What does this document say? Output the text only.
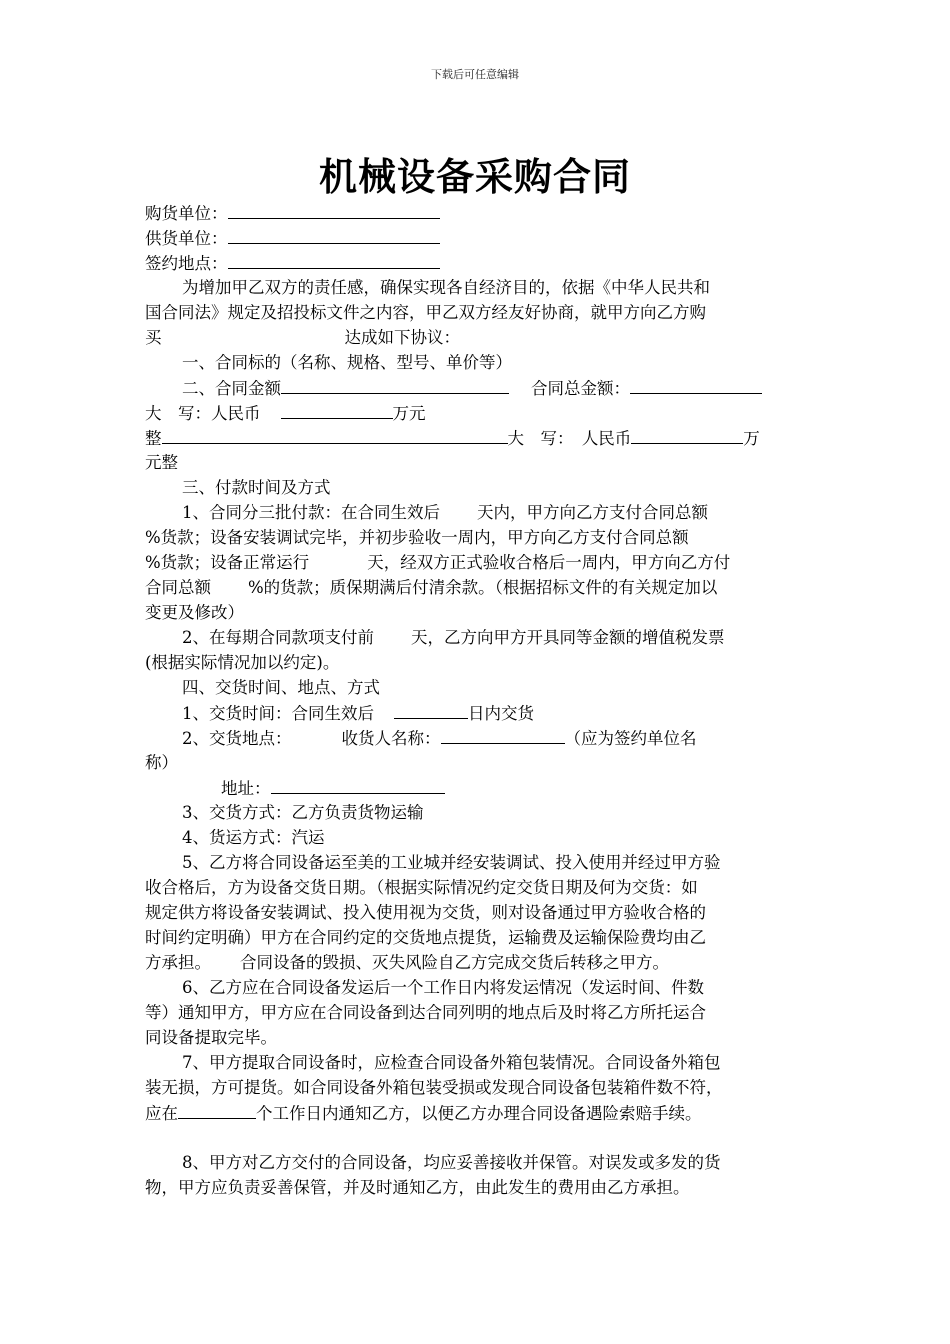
下载后可任意编辑
机械设备采购合同
购货单位：
供货单位：
签约地点：
为增加甲乙双方的责任感，确保实现各自经济目的，依据《中华人民共和
国合同法》规定及招投标文件之内容，甲乙双方经友好协商，就甲方向乙方购
买	达成如下协议：
一、合同标的（名称、规格、型号、单价等）
二、合同金额	合同总金额：
大　写：人民币	万元
整	大　写：　人民币	万
元整
三、付款时间及方式
1、合同分三批付款：在合同生效后 天内，甲方向乙方支付合同总额
%货款；设备安装调试完毕，并初步验收一周内，甲方向乙方支付合同总额
%货款；设备正常运行	天，经双方正式验收合格后一周内，甲方向乙方付
合同总额 %的货款；质保期满后付清余款。（根据招标文件的有关规定加以
变更及修改）
2、在每期合同款项支付前 天，乙方向甲方开具同等金额的增值税发票
(根据实际情况加以约定)。
四、交货时间、地点、方式
1、交货时间：合同生效后	日内交货
2、交货地点：	收货人名称：	（应为签约单位名
称）
地址：
3、交货方式：乙方负责货物运输
4、货运方式：汽运
5、乙方将合同设备运至美的工业城并经安装调试、投入使用并经过甲方验
收合格后，方为设备交货日期。（根据实际情况约定交货日期及何为交货：如
规定供方将设备安装调试、投入使用视为交货，则对设备通过甲方验收合格的
时间约定明确）甲方在合同约定的交货地点提货，运输费及运输保险费均由乙
方承担。 合同设备的毁损、灭失风险自乙方完成交货后转移之甲方。
6、乙方应在合同设备发运后一个工作日内将发运情况（发运时间、件数
等）通知甲方，甲方应在合同设备到达合同列明的地点后及时将乙方所托运合
同设备提取完毕。
7、甲方提取合同设备时，应检查合同设备外箱包装情况。合同设备外箱包
装无损，方可提货。如合同设备外箱包装受损或发现合同设备包装箱件数不符，
应在	个工作日内通知乙方，以便乙方办理合同设备遇险索赔手续。
8、甲方对乙方交付的合同设备，均应妥善接收并保管。对误发或多发的货
物，甲方应负责妥善保管，并及时通知乙方，由此发生的费用由乙方承担。
